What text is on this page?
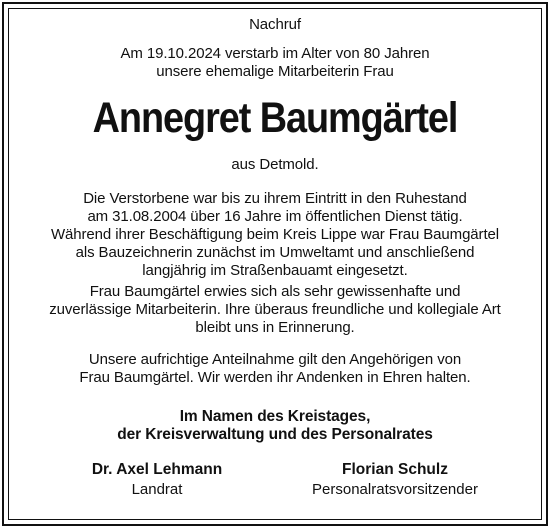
Nachruf
Am 19.10.2024 verstarb im Alter von 80 Jahren
unsere ehemalige Mitarbeiterin Frau
Annegret Baumgärtel
aus Detmold.
Die Verstorbene war bis zu ihrem Eintritt in den Ruhestand
am 31.08.2004 über 16 Jahre im öffentlichen Dienst tätig.
Während ihrer Beschäftigung beim Kreis Lippe war Frau Baumgärtel
als Bauzeichnerin zunächst im Umweltamt und anschließend
langjährig im Straßenbauamt eingesetzt.
Frau Baumgärtel erwies sich als sehr gewissenhafte und
zuverlässige Mitarbeiterin. Ihre überaus freundliche und kollegiale Art
bleibt uns in Erinnerung.
Unsere aufrichtige Anteilnahme gilt den Angehörigen von
Frau Baumgärtel. Wir werden ihr Andenken in Ehren halten.
Im Namen des Kreistages,
der Kreisverwaltung und des Personalrates
Dr. Axel Lehmann
Landrat
Florian Schulz
Personalratsvorsitzender
